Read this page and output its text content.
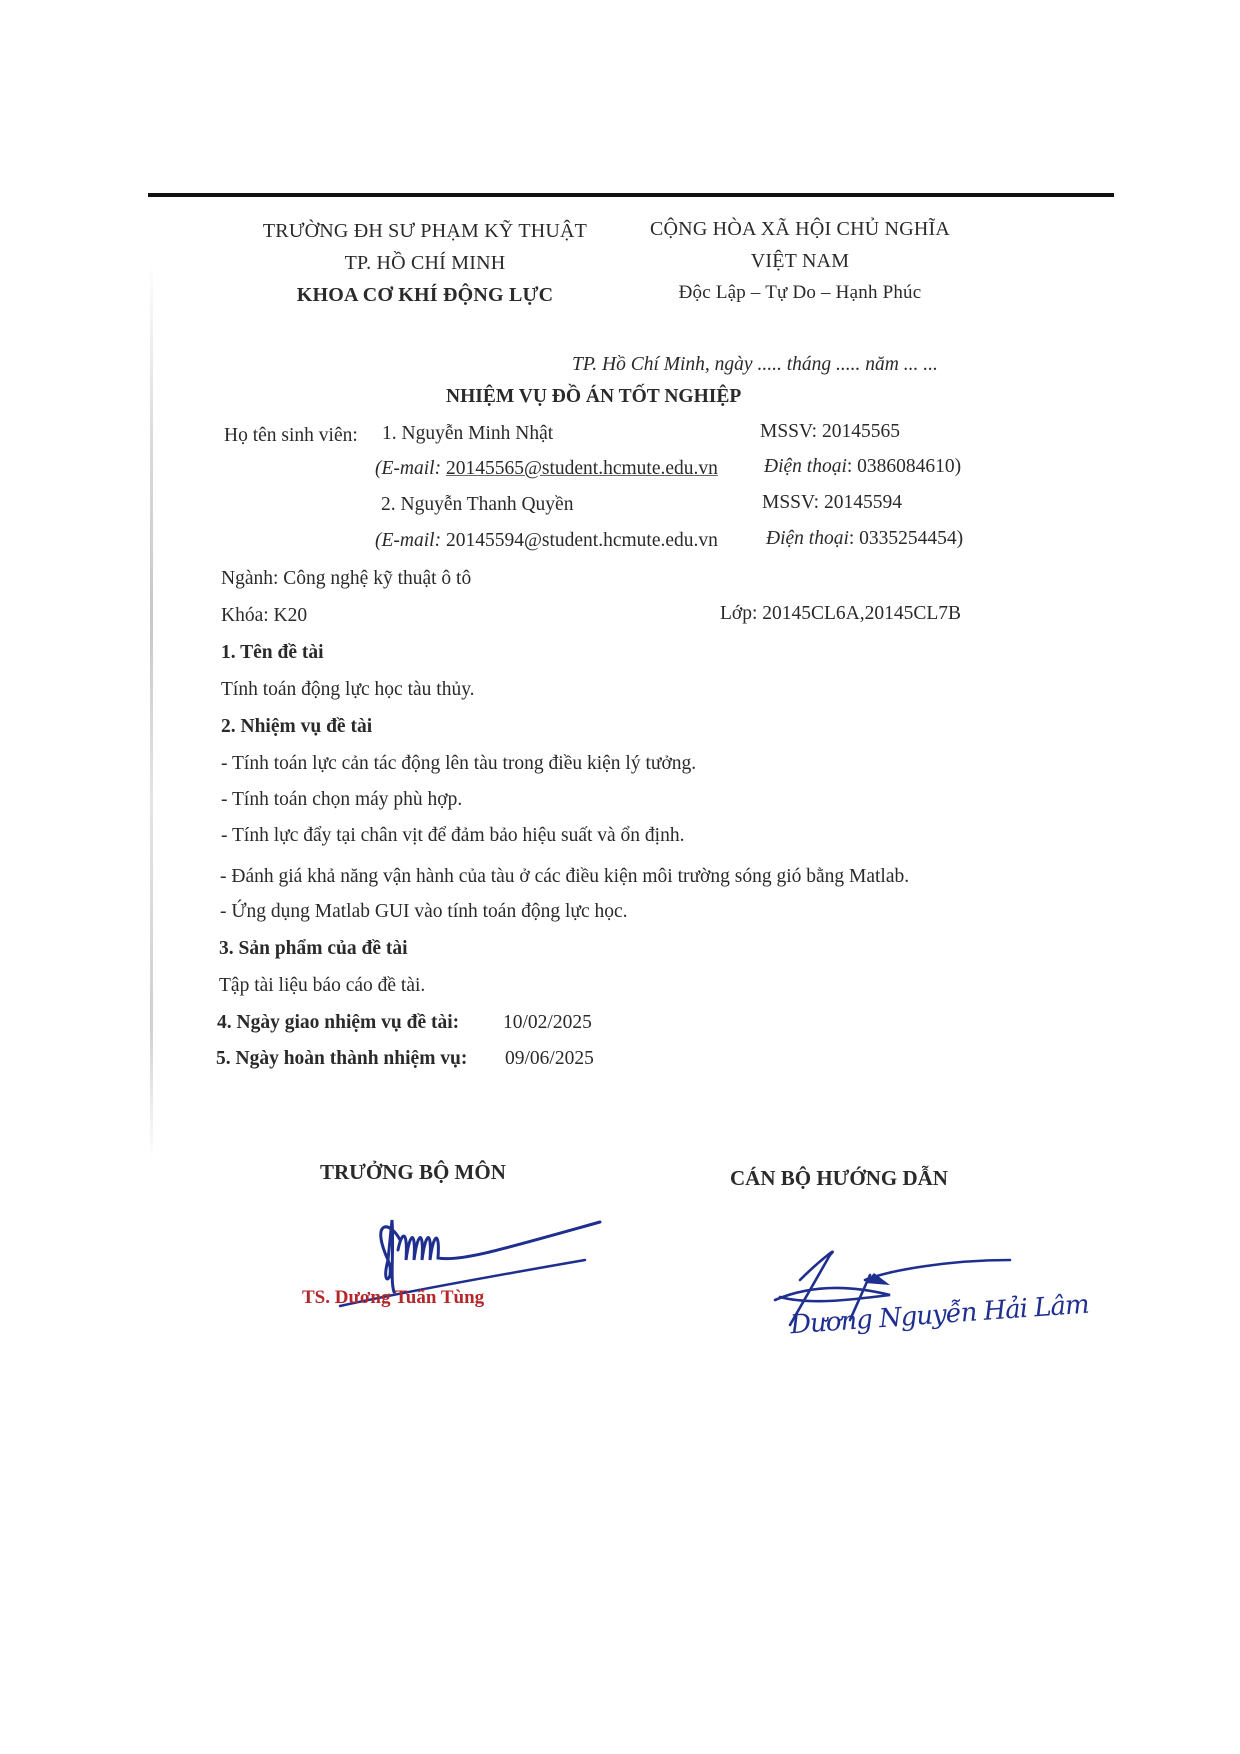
TRƯỜNG ĐH SƯ PHẠM KỸ THUẬT
TP. HỒ CHÍ MINH
KHOA CƠ KHÍ ĐỘNG LỰC
CỘNG HÒA XÃ HỘI CHỦ NGHĨA
VIỆT NAM
Độc Lập – Tự Do – Hạnh Phúc
TP. Hồ Chí Minh, ngày ..... tháng ..... năm ... ...
NHIỆM VỤ ĐỒ ÁN TỐT NGHIỆP
Họ tên sinh viên: 1. Nguyễn Minh Nhật	MSSV: 20145565
(E-mail: 20145565@student.hcmute.edu.vn Điện thoại: 0386084610)
2. Nguyễn Thanh Quyền	MSSV: 20145594
(E-mail: 20145594@student.hcmute.edu.vn Điện thoại: 0335254454)
Ngành: Công nghệ kỹ thuật ô tô
Khóa: K20	Lớp: 20145CL6A,20145CL7B
1. Tên đề tài
Tính toán động lực học tàu thủy.
2. Nhiệm vụ đề tài
- Tính toán lực cản tác động lên tàu trong điều kiện lý tưởng.
- Tính toán chọn máy phù hợp.
- Tính lực đẩy tại chân vịt để đảm bảo hiệu suất và ổn định.
- Đánh giá khả năng vận hành của tàu ở các điều kiện môi trường sóng gió bằng Matlab.
- Ứng dụng Matlab GUI vào tính toán động lực học.
3. Sản phẩm của đề tài
Tập tài liệu báo cáo đề tài.
4. Ngày giao nhiệm vụ đề tài: 10/02/2025
5. Ngày hoàn thành nhiệm vụ: 09/06/2025
TRƯỞNG BỘ MÔN	CÁN BỘ HƯỚNG DẪN
TS. Dương Tuấn Tùng	Dương Nguyễn Hải Lâm
